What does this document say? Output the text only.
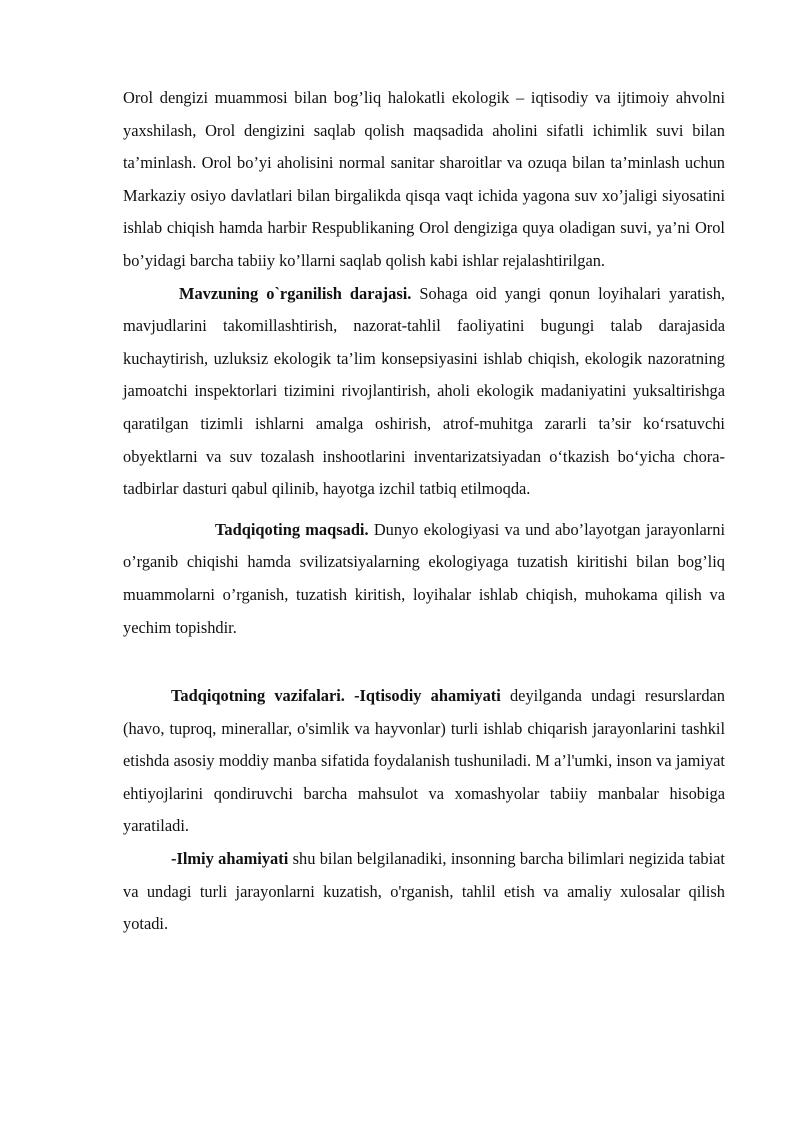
Orol dengizi muammosi bilan bog’liq halokatli ekologik – iqtisodiy va ijtimoiy ahvolni yaxshilash, Orol dengizini saqlab qolish maqsadida aholini sifatli ichimlik suvi bilan ta’minlash. Orol bo’yi aholisini normal sanitar sharoitlar va ozuqa bilan ta’minlash uchun Markaziy osiyo davlatlari bilan birgalikda qisqa vaqt ichida yagona suv xo’jaligi siyosatini ishlab chiqish hamda harbir Respublikaning Orol dengiziga quya oladigan suvi, ya’ni Orol bo’yidagi barcha tabiiy ko’llarni saqlab qolish kabi ishlar rejalashtirilgan.

Mavzuning o`rganilish darajasi. Sohaga oid yangi qonun loyihalari yaratish, mavjudlarini takomillashtirish, nazorat-tahlil faoliyatini bugungi talab darajasida kuchaytirish, uzluksiz ekologik ta’lim konsepsiyasini ishlab chiqish, ekologik nazoratning jamoatchi inspektorlari tizimini rivojlantirish, aholi ekologik madaniyatini yuksaltirishga qaratilgan tizimli ishlarni amalga oshirish, atrof-muhitga zararli ta’sir ko‘rsatuvchi obyektlarni va suv tozalash inshootlarini inventarizatsiyadan o‘tkazish bo‘yicha chora-tadbirlar dasturi qabul qilinib, hayotga izchil tatbiq etilmoqda.

Tadqiqoting maqsadi. Dunyo ekologiyasi va und abo’layotgan jarayonlarni o’rganib chiqishi hamda svilizatsiyalarning ekologiyaga tuzatish kiritishi bilan bog’liq muammolarni o’rganish, tuzatish kiritish, loyihalar ishlab chiqish, muhokama qilish va yechim topishdir.

Tadqiqotning vazifalari. -Iqtisodiy ahamiyati deyilganda undagi resurslardan (havo, tuproq, minerallar, o'simlik va hayvonlar) turli ishlab chiqarish jarayonlarini tashkil etishda asosiy moddiy manba sifatida foydalanish tushuniladi. M a’l'umki, inson va jamiyat ehtiyojlarini qondiruvchi barcha mahsulot va xomashyolar tabiiy manbalar hisobiga yaratiladi.

-Ilmiy ahamiyati shu bilan belgilanadiki, insonning barcha bilimlari negizida tabiat va undagi turli jarayonlarni kuzatish, o'rganish, tahlil etish va amaliy xulosalar qilish yotadi.
